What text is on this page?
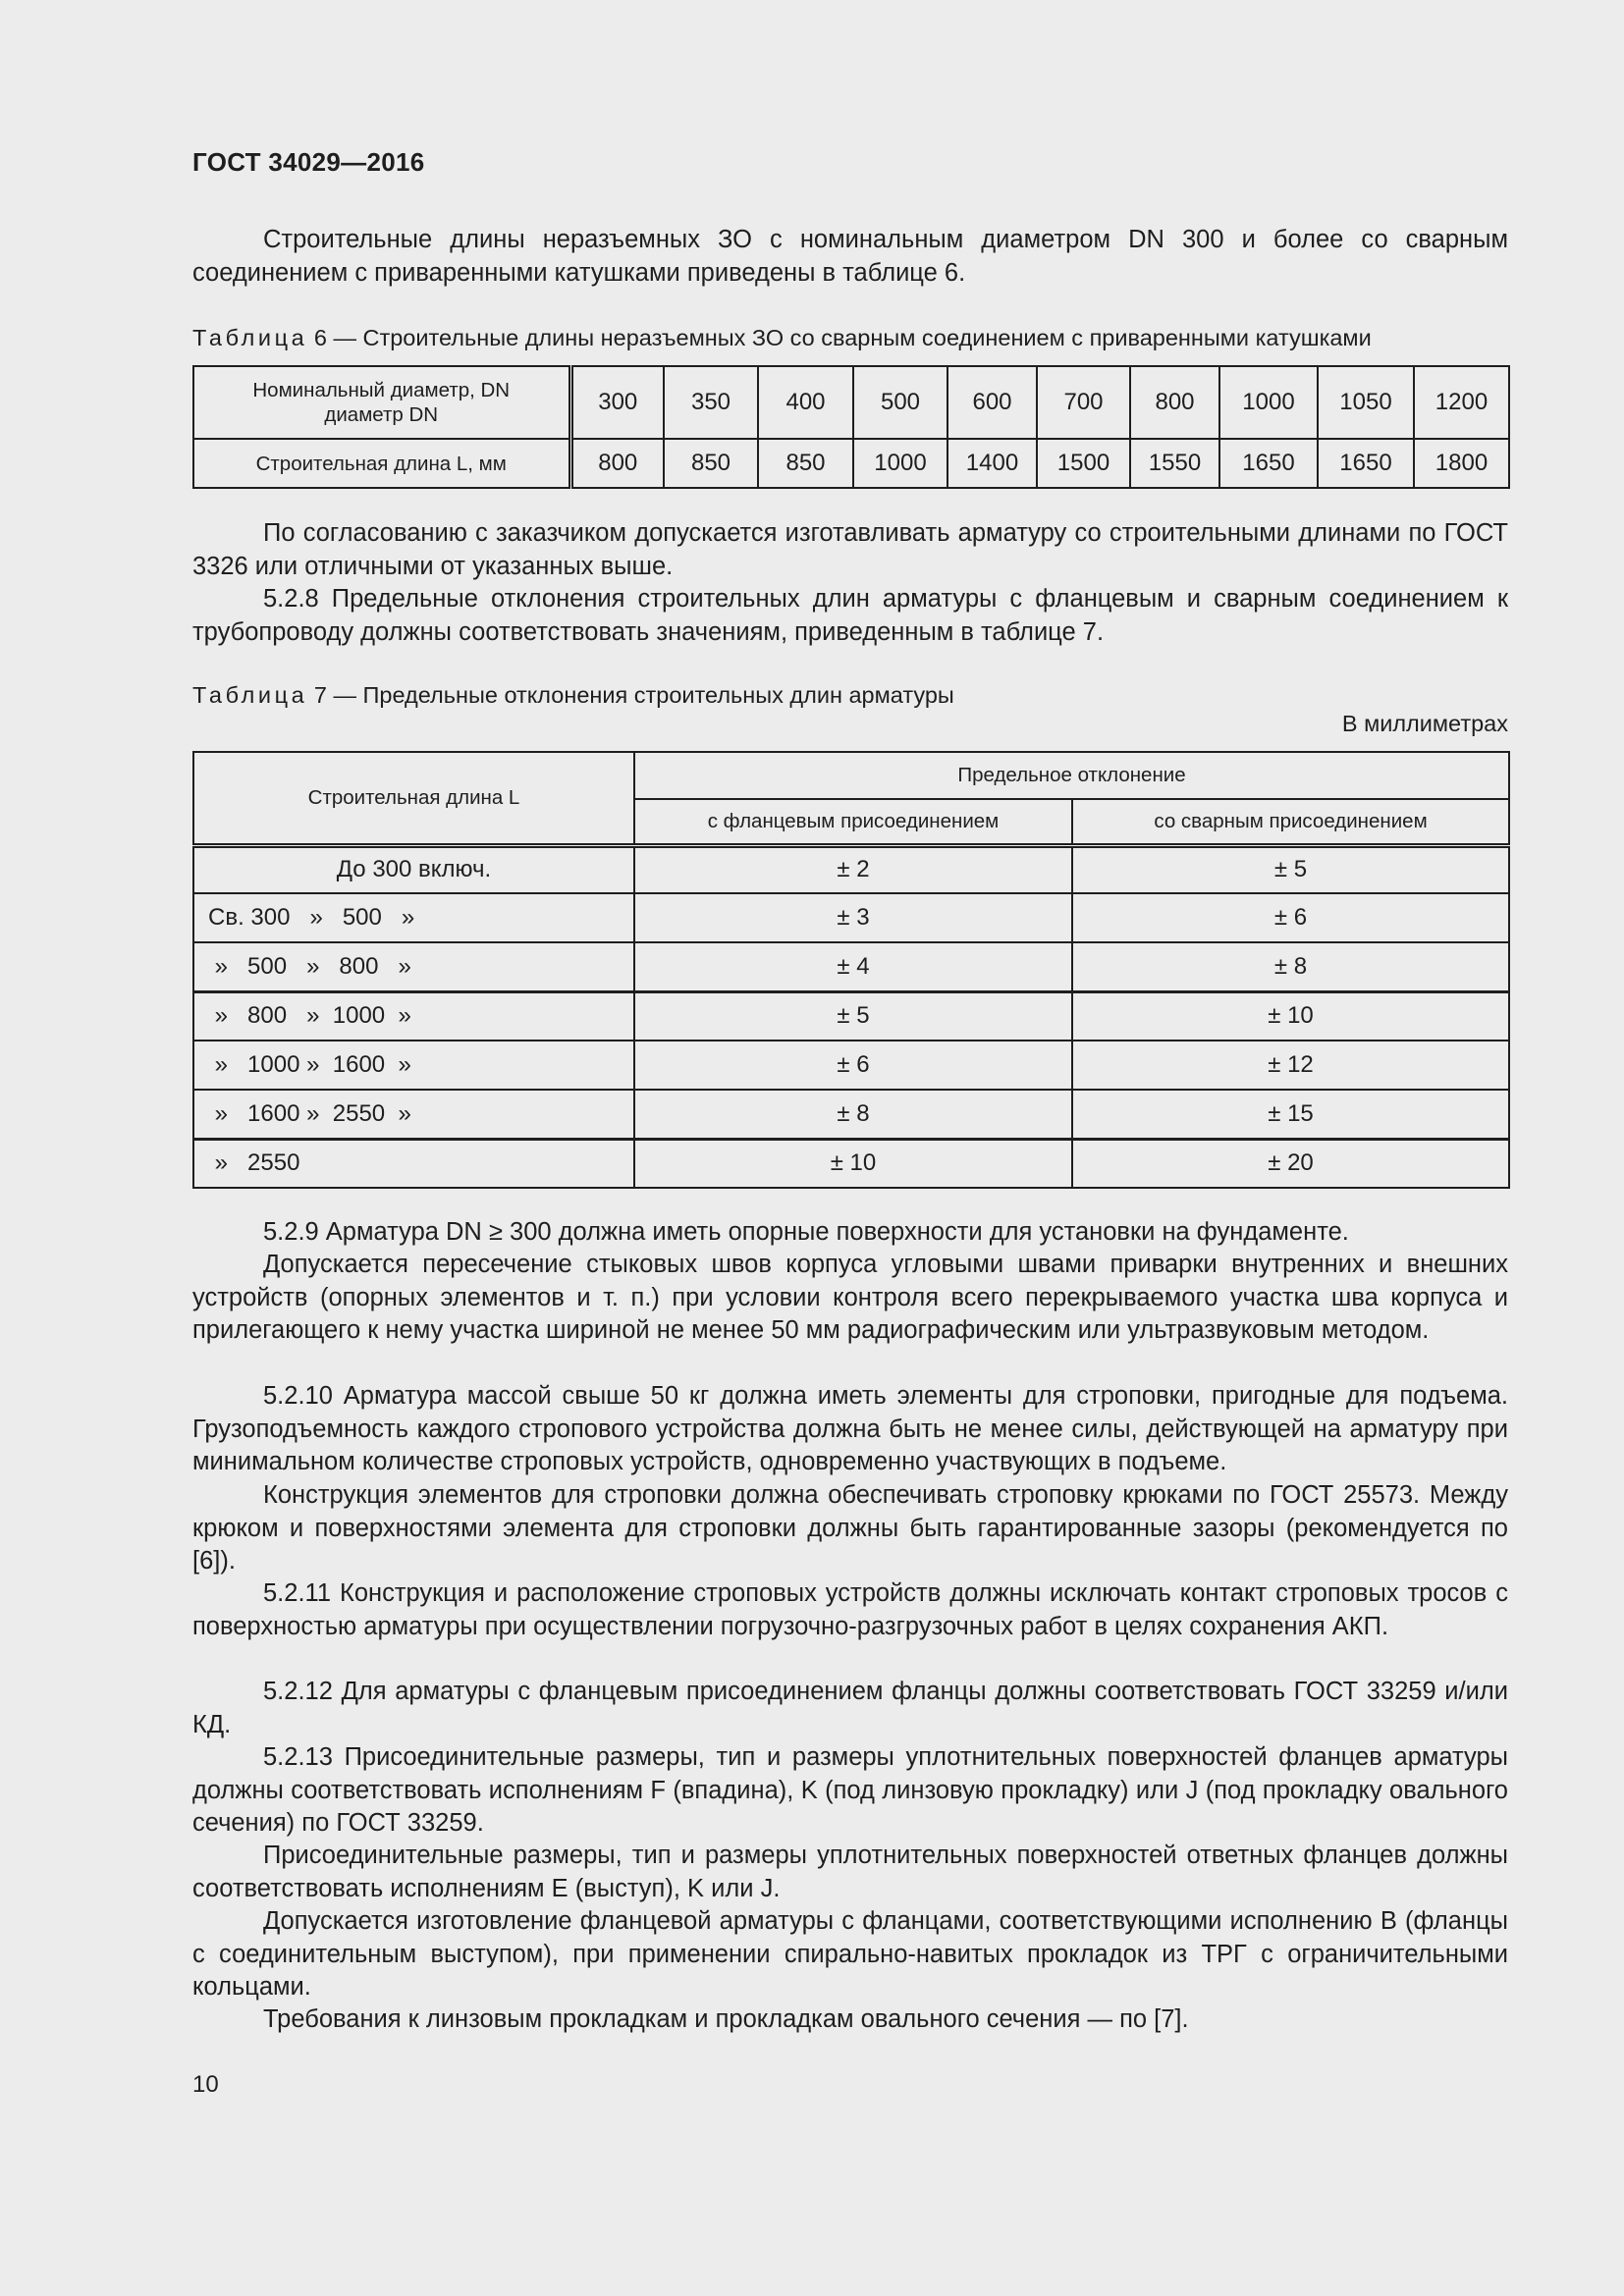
ГОСТ 34029—2016

Строительные длины неразъемных ЗО с номинальным диаметром DN 300 и более со сварным соединением с приваренными катушками приведены в таблице 6.

Таблица 6 — Строительные длины неразъемных ЗО со сварным соединением с приваренными катушками
Номинальный диаметр, DN
диаметр DN	300	350	400	500	600	700	800	1000	1050	1200
Строительная длина L, мм	800	850	850	1000	1400	1500	1550	1650	1650	1800

По согласованию с заказчиком допускается изготавливать арматуру со строительными длинами по ГОСТ 3326 или отличными от указанных выше.

5.2.8 Предельные отклонения строительных длин арматуры с фланцевым и сварным соединением к трубопроводу должны соответствовать значениям, приведенным в таблице 7.

Таблица 7 — Предельные отклонения строительных длин арматуры
В миллиметрах
Строительная длина L	Предельное отклонение	
	с фланцевым присоединением	со сварным присоединением
До 300 включ.	± 2	± 5
Св. 300   »   500   »	± 3	± 6
»   500   »   800   »	± 4	± 8
»   800   »  1000  »	± 5	± 10
»   1000 »  1600  »	± 6	± 12
»   1600 »  2550  »	± 8	± 15
»   2550	± 10	± 20

5.2.9 Арматура DN ≥ 300 должна иметь опорные поверхности для установки на фундаменте.

Допускается пересечение стыковых швов корпуса угловыми швами приварки внутренних и внешних устройств (опорных элементов и т. п.) при условии контроля всего перекрываемого участка шва корпуса и прилегающего к нему участка шириной не менее 50 мм радиографическим или ультразвуковым методом.

5.2.10 Арматура массой свыше 50 кг должна иметь элементы для строповки, пригодные для подъема. Грузоподъемность каждого стропового устройства должна быть не менее силы, действующей на арматуру при минимальном количестве строповых устройств, одновременно участвующих в подъеме.

Конструкция элементов для строповки должна обеспечивать строповку крюками по ГОСТ 25573. Между крюком и поверхностями элемента для строповки должны быть гарантированные зазоры (рекомендуется по [6]).

5.2.11 Конструкция и расположение строповых устройств должны исключать контакт строповых тросов с поверхностью арматуры при осуществлении погрузочно-разгрузочных работ в целях сохранения АКП.

5.2.12 Для арматуры с фланцевым присоединением фланцы должны соответствовать ГОСТ 33259 и/или КД.

5.2.13 Присоединительные размеры, тип и размеры уплотнительных поверхностей фланцев арматуры должны соответствовать исполнениям F (впадина), K (под линзовую прокладку) или J (под прокладку овального сечения) по ГОСТ 33259.

Присоединительные размеры, тип и размеры уплотнительных поверхностей ответных фланцев должны соответствовать исполнениям E (выступ), K или J.

Допускается изготовление фланцевой арматуры с фланцами, соответствующими исполнению B (фланцы с соединительным выступом), при применении спирально-навитых прокладок из ТРГ с ограничительными кольцами.

Требования к линзовым прокладкам и прокладкам овального сечения — по [7].

10
